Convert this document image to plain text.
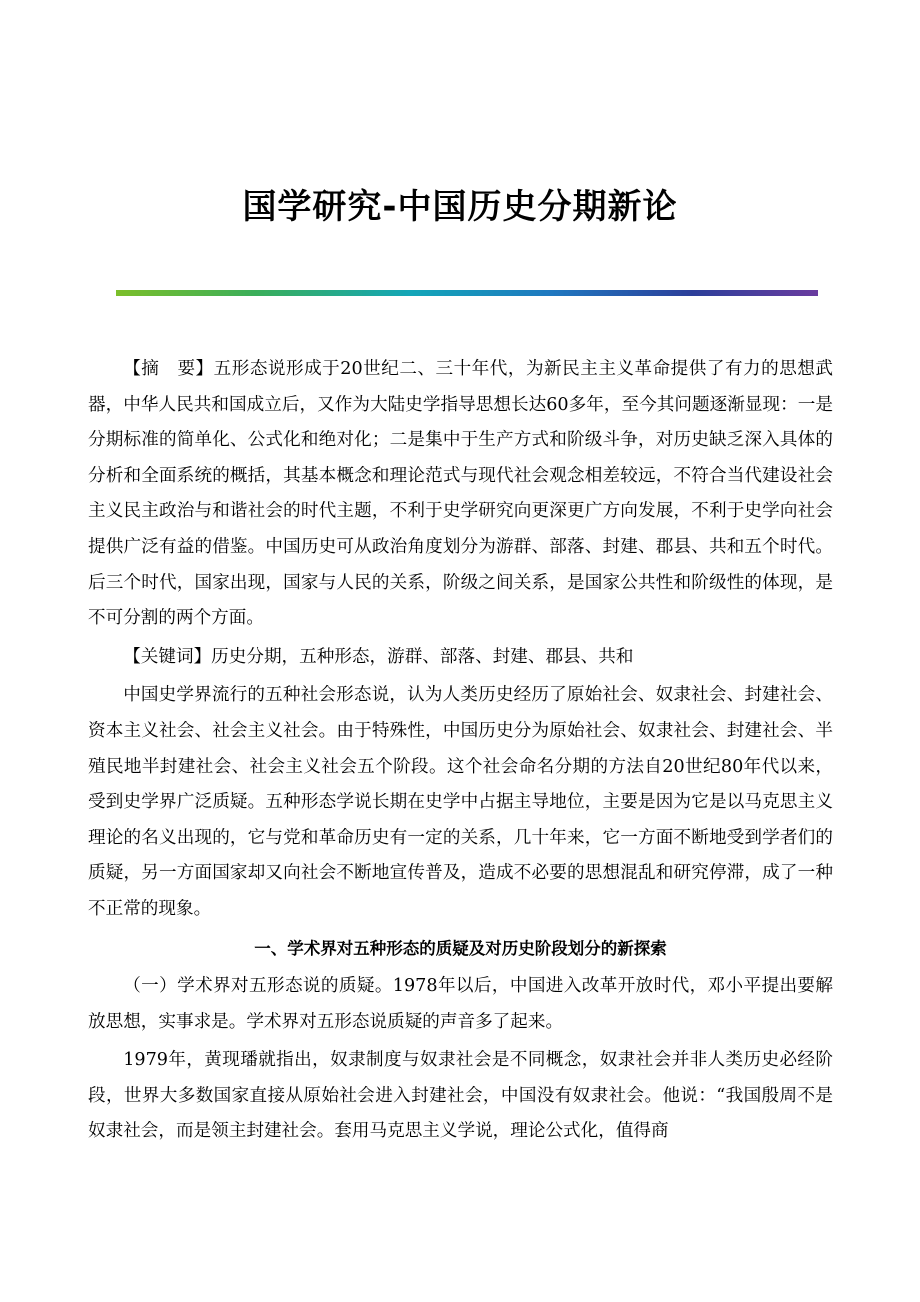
国学研究-中国历史分期新论

【摘　要】五形态说形成于20世纪二、三十年代，为新民主主义革命提供了有力的思想武器，中华人民共和国成立后，又作为大陆史学指导思想长达60多年，至今其问题逐渐显现：一是分期标准的简单化、公式化和绝对化；二是集中于生产方式和阶级斗争，对历史缺乏深入具体的分析和全面系统的概括，其基本概念和理论范式与现代社会观念相差较远，不符合当代建设社会主义民主政治与和谐社会的时代主题，不利于史学研究向更深更广方向发展，不利于史学向社会提供广泛有益的借鉴。中国历史可从政治角度划分为游群、部落、封建、郡县、共和五个时代。后三个时代，国家出现，国家与人民的关系，阶级之间关系，是国家公共性和阶级性的体现，是不可分割的两个方面。

【关键词】历史分期，五种形态，游群、部落、封建、郡县、共和

中国史学界流行的五种社会形态说，认为人类历史经历了原始社会、奴隶社会、封建社会、资本主义社会、社会主义社会。由于特殊性，中国历史分为原始社会、奴隶社会、封建社会、半殖民地半封建社会、社会主义社会五个阶段。这个社会命名分期的方法自20世纪80年代以来，受到史学界广泛质疑。五种形态学说长期在史学中占据主导地位，主要是因为它是以马克思主义理论的名义出现的，它与党和革命历史有一定的关系，几十年来，它一方面不断地受到学者们的质疑，另一方面国家却又向社会不断地宣传普及，造成不必要的思想混乱和研究停滞，成了一种不正常的现象。

一、学术界对五种形态的质疑及对历史阶段划分的新探索

（一）学术界对五形态说的质疑。1978年以后，中国进入改革开放时代，邓小平提出要解放思想，实事求是。学术界对五形态说质疑的声音多了起来。

1979年，黄现璠就指出，奴隶制度与奴隶社会是不同概念，奴隶社会并非人类历史必经阶段，世界大多数国家直接从原始社会进入封建社会，中国没有奴隶社会。他说：“我国殷周不是奴隶社会，而是领主封建社会。套用马克思主义学说，理论公式化，值得商
